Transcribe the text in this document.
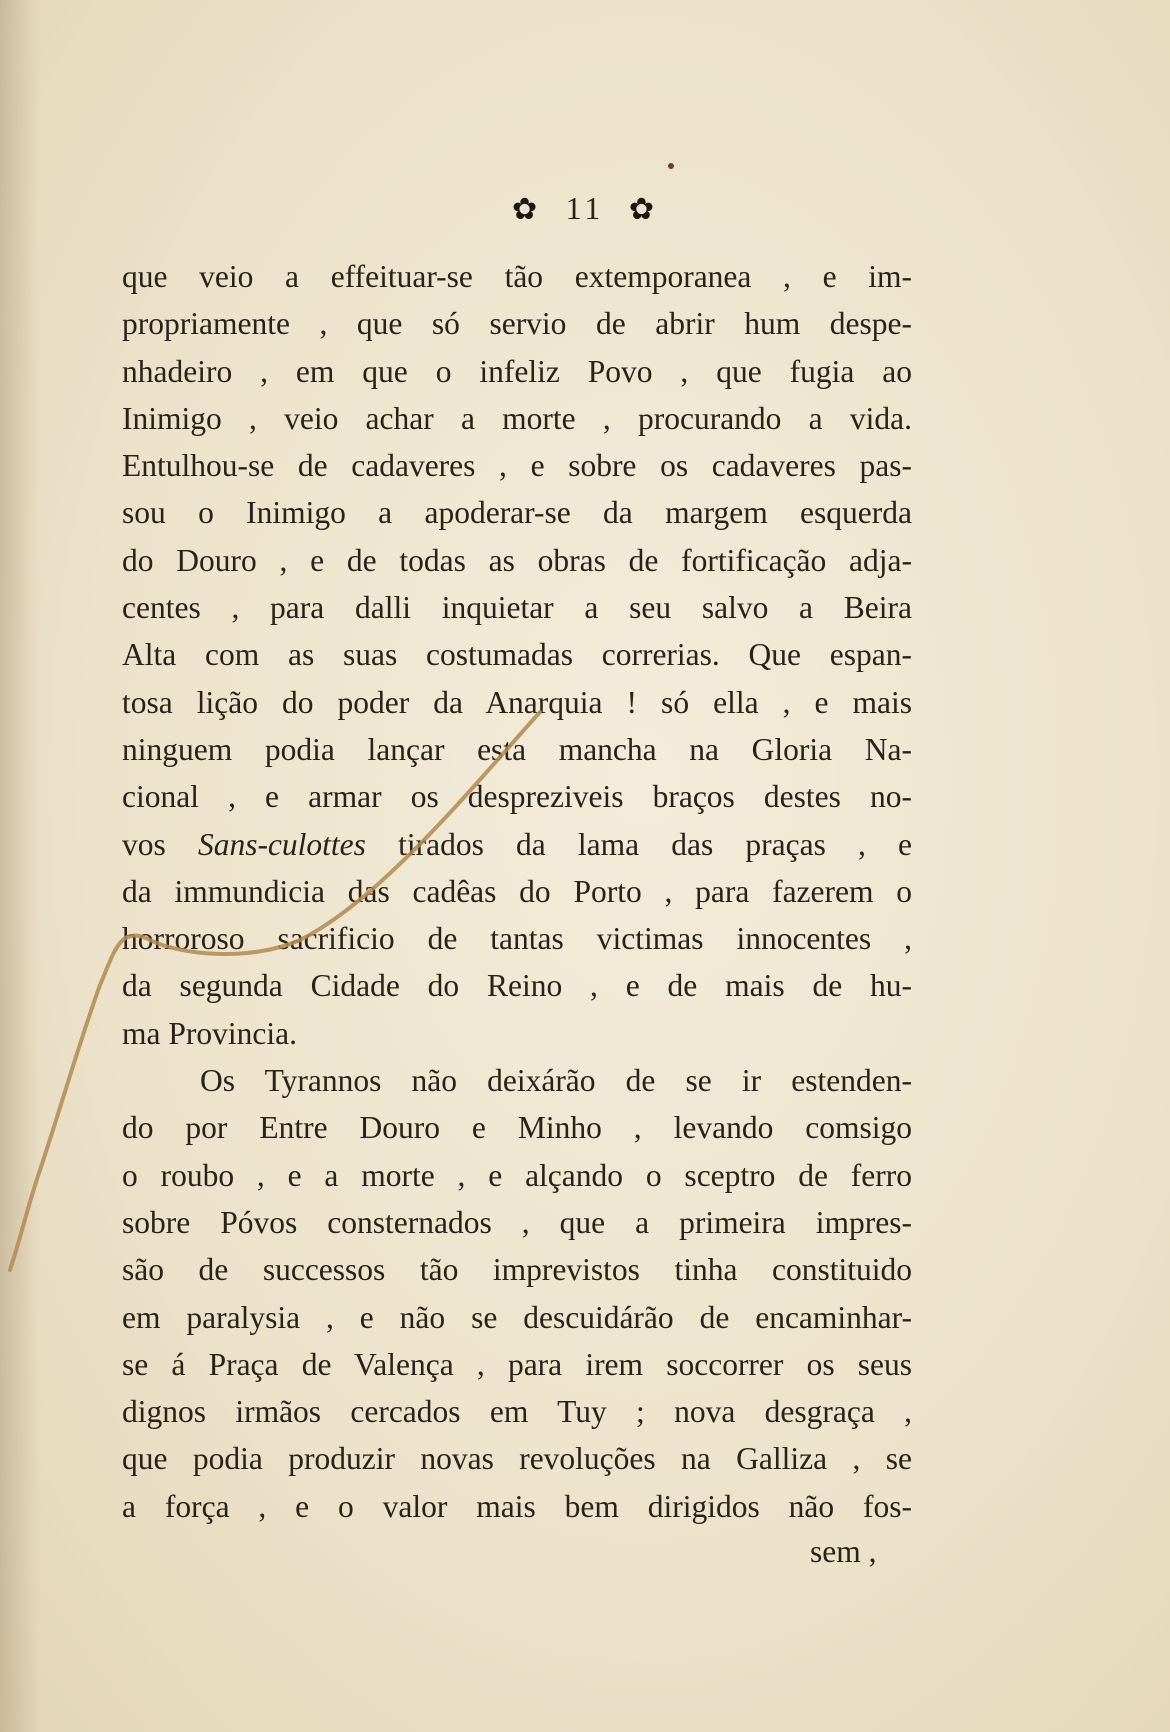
✿ 11 ✿
que veio a effeituar-se tão extemporanea , e im-
propriamente , que só servio de abrir hum despe-
nhadeiro , em que o infeliz Povo , que fugia ao
Inimigo , veio achar a morte , procurando a vida.
Entulhou-se de cadaveres , e sobre os cadaveres pas-
sou o Inimigo a apoderar-se da margem esquerda
do Douro , e de todas as obras de fortificação adja-
centes , para dalli inquietar a seu salvo a Beira
Alta com as suas costumadas correrias. Que espan-
tosa lição do poder da Anarquia ! só ella , e mais
ninguem podia lançar esta mancha na Gloria Na-
cional , e armar os despreziveis braços destes no-
vos Sans-culottes tirados da lama das praças , e
da immundicia das cadêas do Porto , para fazerem o
horroroso sacrificio de tantas victimas innocentes ,
da segunda Cidade do Reino , e de mais de hu-
ma Provincia.
Os Tyrannos não deixárão de se ir estenden-
do por Entre Douro e Minho , levando comsigo
o roubo , e a morte , e alçando o sceptro de ferro
sobre Póvos consternados , que a primeira impres-
são de successos tão imprevistos tinha constituido
em paralysia , e não se descuidárão de encaminhar-
se á Praça de Valença , para irem soccorrer os seus
dignos irmãos cercados em Tuy ; nova desgraça ,
que podia produzir novas revoluções na Galliza , se
a força , e o valor mais bem dirigidos não fos-
sem ,
